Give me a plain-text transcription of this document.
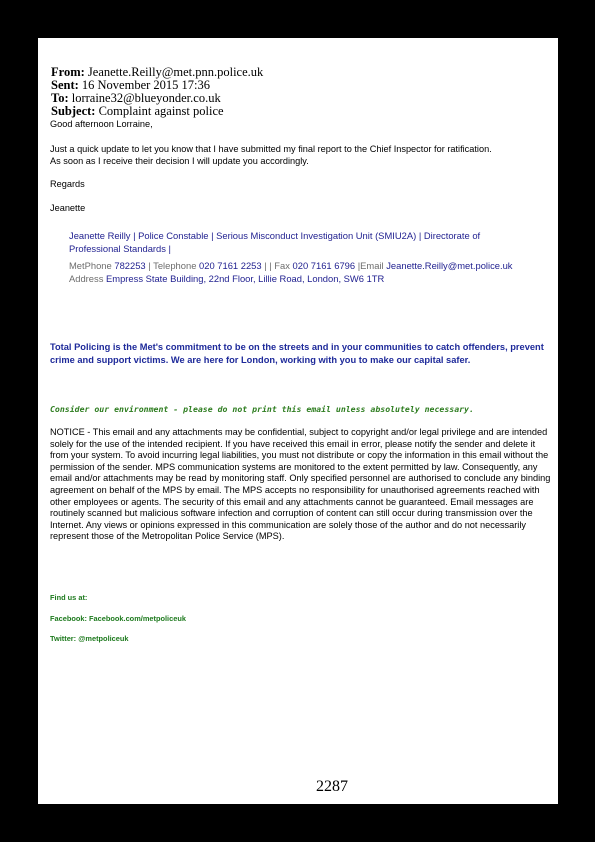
From: Jeanette.Reilly@met.pnn.police.uk
Sent: 16 November 2015 17:36
To: lorraine32@blueyonder.co.uk
Subject: Complaint against police
Good afternoon Lorraine,
Just a quick update to let you know that I have submitted my final report to the Chief Inspector for ratification.
As soon as I receive their decision I will update you accordingly.
Regards
Jeanette
Jeanette Reilly | Police Constable | Serious Misconduct Investigation Unit (SMIU2A) | Directorate of
Professional Standards |
MetPhone 782253 | Telephone 020 7161 2253 | | Fax 020 7161 6796 |Email Jeanette.Reilly@met.police.uk
Address Empress State Building, 22nd Floor, Lillie Road, London, SW6 1TR
Total Policing is the Met's commitment to be on the streets and in your communities to catch offenders, prevent crime and support victims. We are here for London, working with you to make our capital safer.
Consider our environment - please do not print this email unless absolutely necessary.
NOTICE - This email and any attachments may be confidential, subject to copyright and/or legal privilege and are intended solely for the use of the intended recipient. If you have received this email in error, please notify the sender and delete it from your system. To avoid incurring legal liabilities, you must not distribute or copy the information in this email without the permission of the sender. MPS communication systems are monitored to the extent permitted by law. Consequently, any email and/or attachments may be read by monitoring staff. Only specified personnel are authorised to conclude any binding agreement on behalf of the MPS by email. The MPS accepts no responsibility for unauthorised agreements reached with other employees or agents. The security of this email and any attachments cannot be guaranteed. Email messages are routinely scanned but malicious software infection and corruption of content can still occur during transmission over the Internet. Any views or opinions expressed in this communication are solely those of the author and do not necessarily represent those of the Metropolitan Police Service (MPS).
Find us at:
Facebook: Facebook.com/metpoliceuk
Twitter: @metpoliceuk
2287
